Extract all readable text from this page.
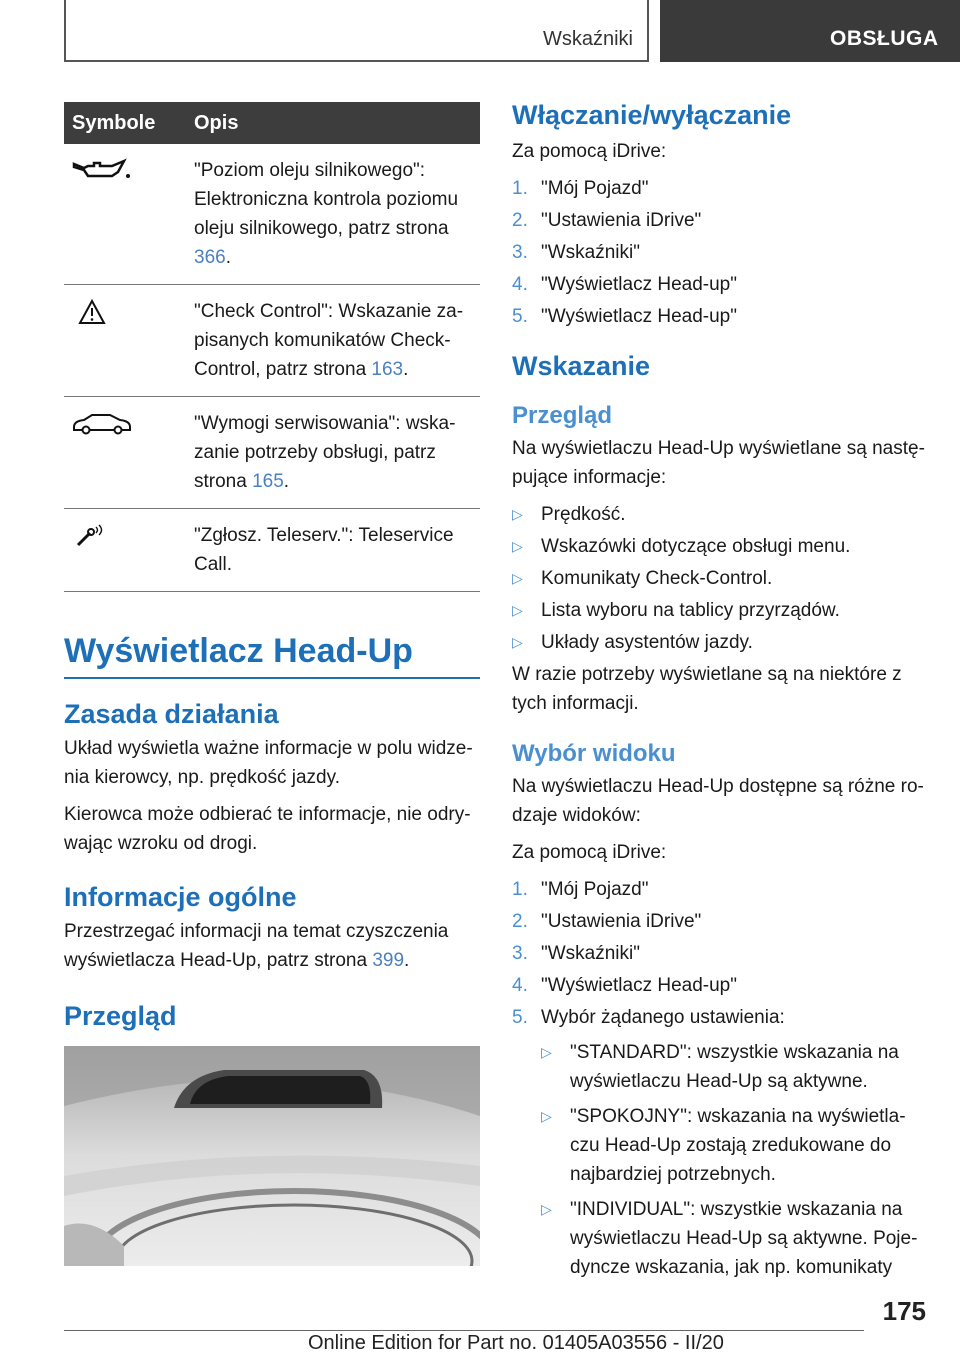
Wskaźniki	OBSŁUGA
Symbole	Opis
	"Poziom oleju silnikowego": Elektroniczna kontrola poziomu oleju silnikowego, patrz strona 366.
	"Check Control": Wskazanie zapisanych komunikatów Check-Control, patrz strona 163.
	"Wymogi serwisowania": wskazanie potrzeby obsługi, patrz strona 165.
	"Zgłosz. Teleserv.": Teleservice Call.
Wyświetlacz Head-Up
Zasada działania

Układ wyświetla ważne informacje w polu widzenia kierowcy, np. prędkość jazdy.

Kierowca może odbierać te informacje, nie odrywając wzroku od drogi.

Informacje ogólne

Przestrzegać informacji na temat czyszczenia wyświetlacza Head-Up, patrz strona 399.

Przegląd
Włączanie/wyłączanie

Za pomocą iDrive:

1. "Mój Pojazd"
2. "Ustawienia iDrive"
3. "Wskaźniki"
4. "Wyświetlacz Head-up"
5. "Wyświetlacz Head-up"
Wskazanie
Przegląd

Na wyświetlaczu Head-Up wyświetlane są następujące informacje:

▷ Prędkość.
▷ Wskazówki dotyczące obsługi menu.
▷ Komunikaty Check-Control.
▷ Lista wyboru na tablicy przyrządów.
▷ Układy asystentów jazdy.

W razie potrzeby wyświetlane są na niektóre z tych informacji.

Wybór widoku

Na wyświetlaczu Head-Up dostępne są różne rodzaje widoków:

Za pomocą iDrive:

1. "Mój Pojazd"
2. "Ustawienia iDrive"
3. "Wskaźniki"
4. "Wyświetlacz Head-up"
5. Wybór żądanego ustawienia:
▷ "STANDARD": wszystkie wskazania na wyświetlaczu Head-Up są aktywne.
▷ "SPOKOJNY": wskazania na wyświetlaczu Head-Up zostają zredukowane do najbardziej potrzebnych.
▷ "INDIVIDUAL": wszystkie wskazania na wyświetlaczu Head-Up są aktywne. Pojedyncze wskazania, jak np. komunikaty
175
Online Edition for Part no. 01405A03556 - II/20
